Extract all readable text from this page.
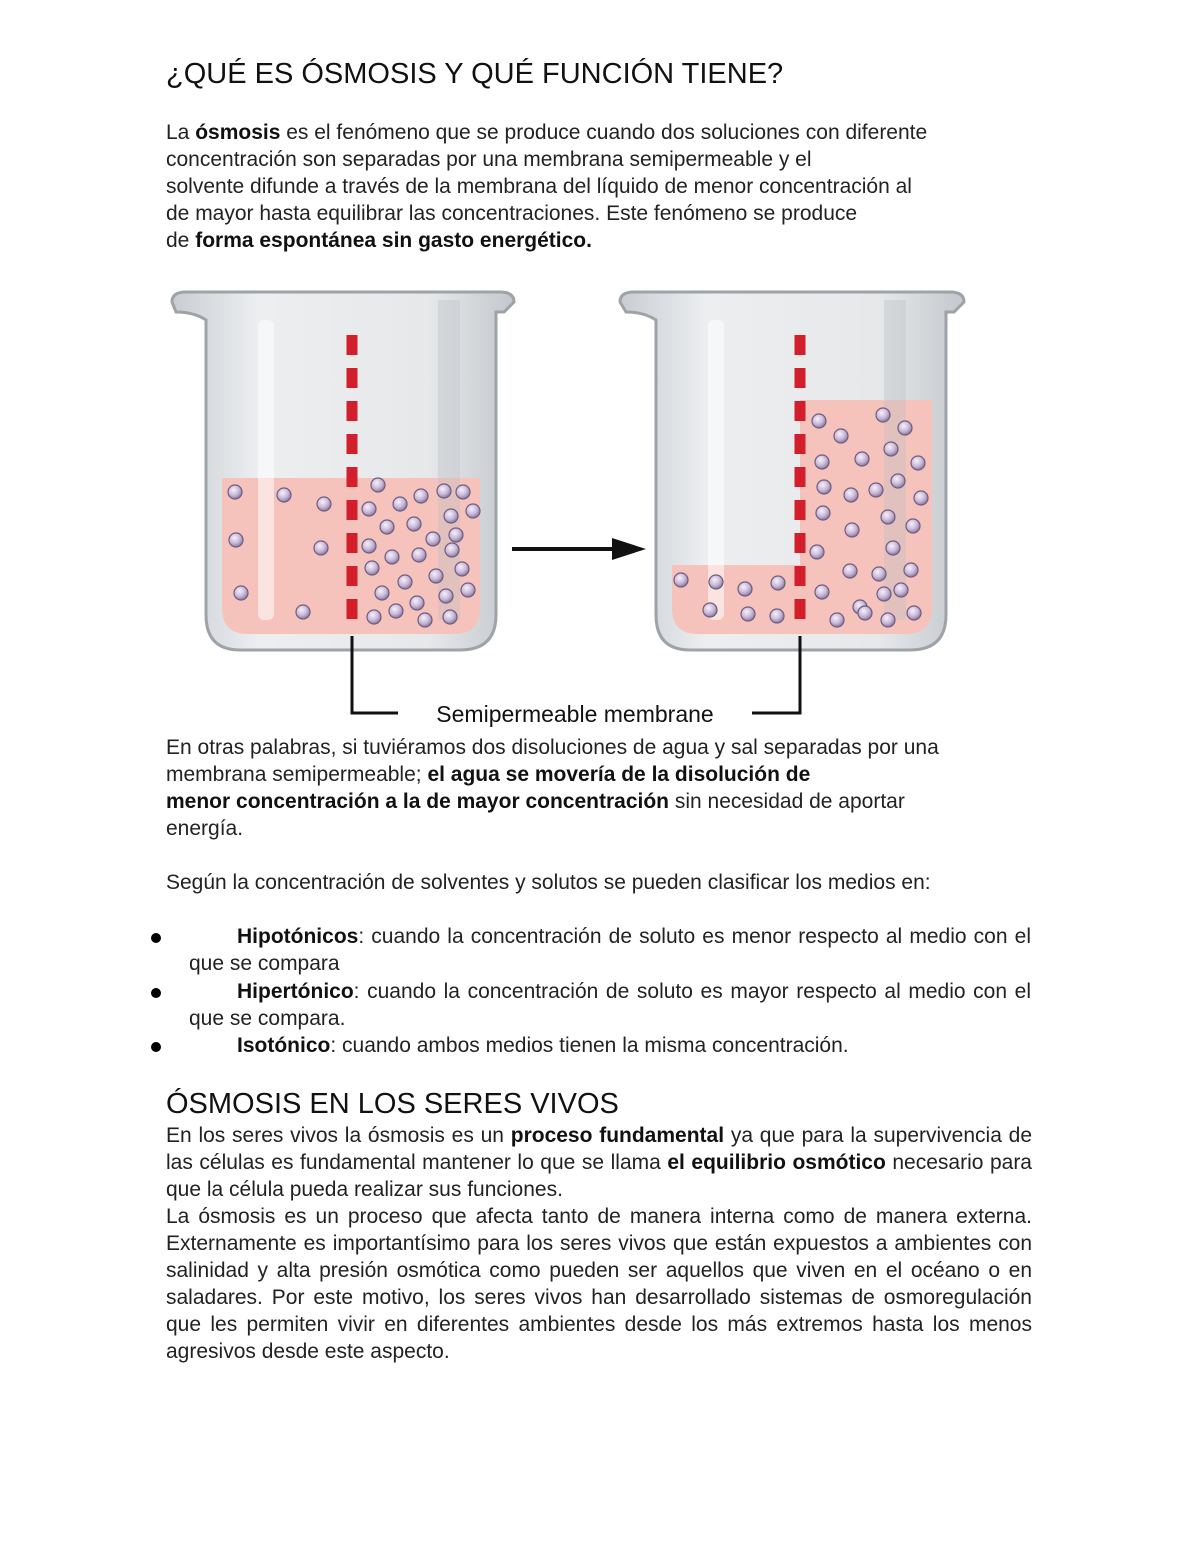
¿QUÉ ES ÓSMOSIS Y QUÉ FUNCIÓN TIENE?
La ósmosis es el fenómeno que se produce cuando dos soluciones con diferente
concentración son separadas por una membrana semipermeable y el
solvente difunde a través de la membrana del líquido de menor concentración al
de mayor hasta equilibrar las concentraciones. Este fenómeno se produce
de forma espontánea sin gasto energético.
Semipermeable membrane
En otras palabras, si tuviéramos dos disoluciones de agua y sal separadas por una
membrana semipermeable; el agua se movería de la disolución de
menor concentración a la de mayor concentración sin necesidad de aportar
energía.
Según la concentración de solventes y solutos se pueden clasificar los medios en:
Hipotónicos: cuando la concentración de soluto es menor respecto al medio con el que se compara
Hipertónico: cuando la concentración de soluto es mayor respecto al medio con el que se compara.
Isotónico: cuando ambos medios tienen la misma concentración.
ÓSMOSIS EN LOS SERES VIVOS
En los seres vivos la ósmosis es un proceso fundamental ya que para la supervivencia de las células es fundamental mantener lo que se llama el equilibrio osmótico necesario para que la célula pueda realizar sus funciones.
La ósmosis es un proceso que afecta tanto de manera interna como de manera externa. Externamente es importantísimo para los seres vivos que están expuestos a ambientes con salinidad y alta presión osmótica como pueden ser aquellos que viven en el océano o en saladares. Por este motivo, los seres vivos han desarrollado sistemas de osmoregulación que les permiten vivir en diferentes ambientes desde los más extremos hasta los menos agresivos desde este aspecto.
